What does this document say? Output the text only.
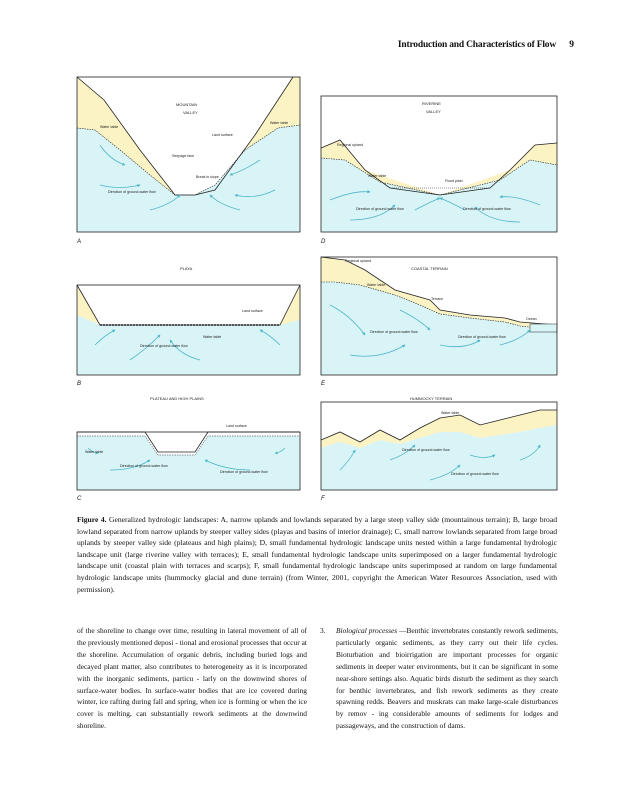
Introduction and Characteristics of Flow 9
MOUNTAIN
VALLEY
Water table
Water table
Land surface
Seepage face
Break in slope
Direction of ground-water flow
A
RIVERINE
VALLEY
Regional upland
Water table
Flood plain
Direction of ground-water flow	Direction of ground-water flow
D
PLAYA
Land surface
Water table
Direction of ground-water flow
B
COASTAL TERRAIN
Regional upland
Water table
Terrace
Ocean
Direction of ground-water flow
Direction of ground-water flow
E
PLATEAU AND HIGH PLAINS
Land surface
Water table
Direction of ground-water flow
Direction of ground-water flow
C
HUMMOCKY TERRAIN
Water table
Direction of ground-water flow
Direction of ground-water flow
F
Figure 4. Generalized hydrologic landscapes: A, narrow uplands and lowlands separated by a large steep valley side (mountainous terrain); B, large broad lowland separated from narrow uplands by steeper valley sides (playas and basins of interior drainage); C, small narrow lowlands separated from large broad uplands by steeper valley side (plateaus and high plains); D, small fundamental hydrologic landscape units nested within a large fundamental hydrologic landscape unit (large riverine valley with terraces); E, small fundamental hydrologic landscape units superimposed on a larger fundamental hydrologic landscape unit (coastal plain with terraces and scarps); F, small fundamental hydrologic landscape units superimposed at random on large fundamental hydrologic landscape units (hummocky glacial and dune terrain) (from Winter, 2001, copyright the American Water Resources Association, used with permission).
of the shoreline to change over time, resulting in lateral movement of all of the previously mentioned deposi - tional and erosional processes that occur at the shoreline. Accumulation of organic debris, including buried logs and decayed plant matter, also contributes to heterogeneity as it is incorporated with the inorganic sediments, particu - larly on the downwind shores of surface-water bodies. In surface-water bodies that are ice covered during winter, ice rafting during fall and spring, when ice is forming or when the ice cover is melting, can substantially rework sediments at the downwind shoreline.
3. Biological processes —Benthic invertebrates constantly rework sediments, particularly organic sediments, as they carry out their life cycles. Bioturbation and bioirrigation are important processes for organic sediments in deeper water environments, but it can be significant in some near-shore settings also. Aquatic birds disturb the sediment as they search for benthic invertebrates, and fish rework sediments as they create spawning redds. Beavers and muskrats can make large-scale disturbances by remov - ing considerable amounts of sediments for lodges and passageways, and the construction of dams.
